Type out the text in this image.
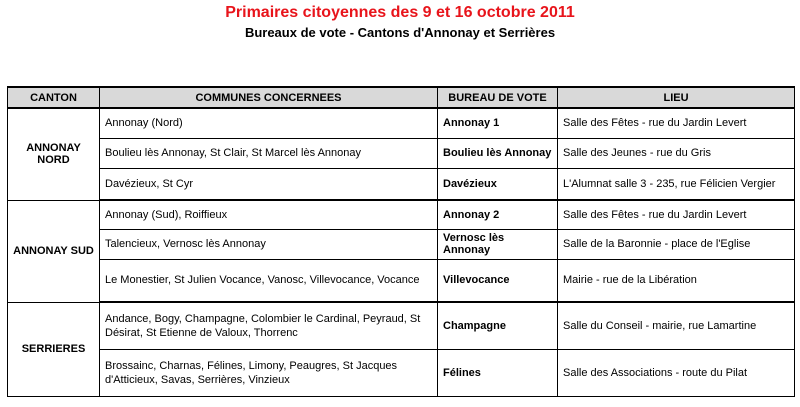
Primaires citoyennes des 9 et 16 octobre 2011
Bureaux de vote - Cantons d'Annonay et Serrières
CANTON	COMMUNES CONCERNEES	BUREAU DE VOTE	LIEU
ANNONAY NORD	Annonay (Nord)	Annonay 1	Salle des Fêtes - rue du Jardin Levert
	Boulieu lès Annonay, St Clair, St Marcel lès Annonay	Boulieu lès Annonay	Salle des Jeunes - rue du Gris
	Davézieux, St Cyr	Davézieux	L'Alumnat salle 3 - 235, rue Félicien Vergier
ANNONAY SUD	Annonay (Sud), Roiffieux	Annonay 2	Salle des Fêtes - rue du Jardin Levert
	Talencieux, Vernosc lès Annonay	Vernosc lès Annonay	Salle de la Baronnie - place de l'Eglise
	Le Monestier, St Julien Vocance, Vanosc, Villevocance, Vocance	Villevocance	Mairie - rue de la Libération
SERRIERES	Andance, Bogy, Champagne, Colombier le Cardinal, Peyraud, St Désirat, St Etienne de Valoux, Thorrenc	Champagne	Salle du Conseil - mairie, rue Lamartine
	Brossainc, Charnas, Félines, Limony, Peaugres, St Jacques d'Atticieux, Savas, Serrières, Vinzieux	Félines	Salle des Associations - route du Pilat
